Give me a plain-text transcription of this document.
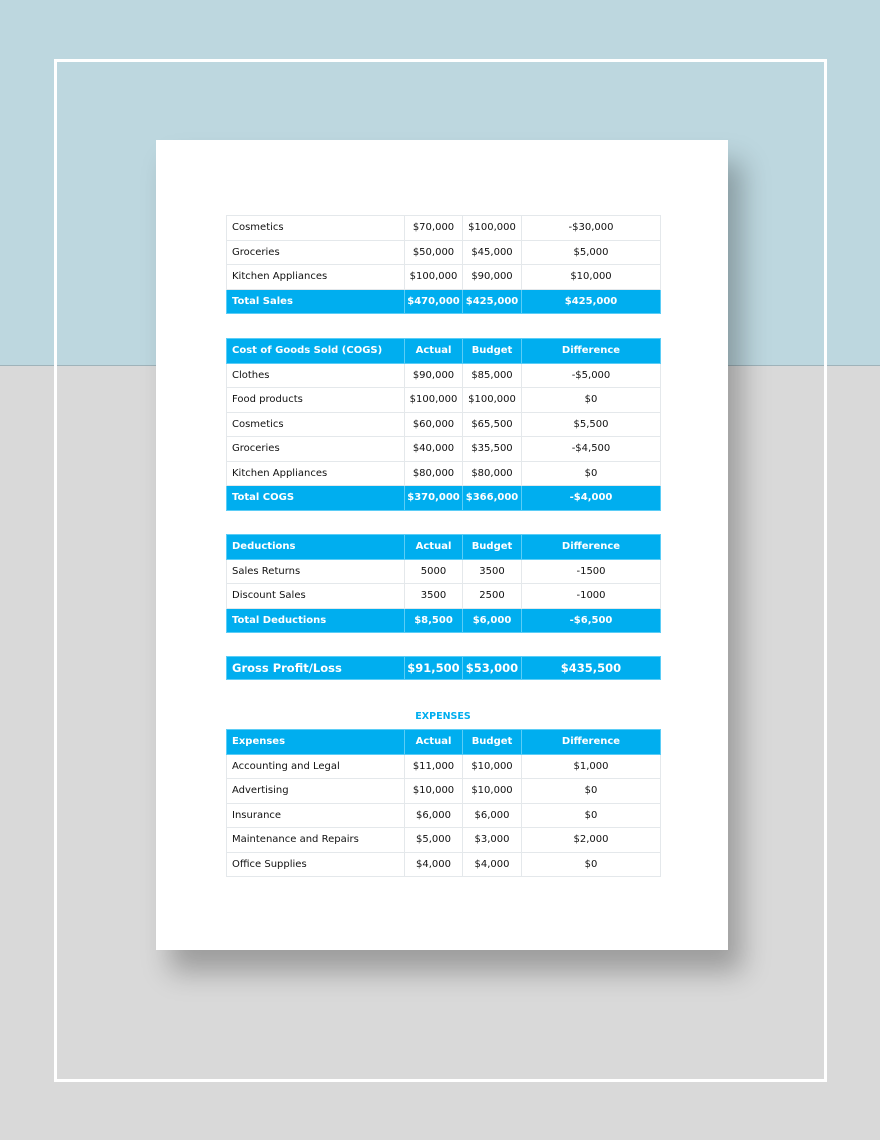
Cosmetics	$70,000	$100,000	-$30,000
Groceries	$50,000	$45,000	$5,000
Kitchen Appliances	$100,000	$90,000	$10,000
Total Sales	$470,000	$425,000	$425,000
Cost of Goods Sold (COGS)	Actual	Budget	Difference
Clothes	$90,000	$85,000	-$5,000
Food products	$100,000	$100,000	$0
Cosmetics	$60,000	$65,500	$5,500
Groceries	$40,000	$35,500	-$4,500
Kitchen Appliances	$80,000	$80,000	$0
Total COGS	$370,000	$366,000	-$4,000
Deductions	Actual	Budget	Difference
Sales Returns	5000	3500	-1500
Discount Sales	3500	2500	-1000
Total Deductions	$8,500	$6,000	-$6,500
Gross Profit/Loss	$91,500	$53,000	$435,500
EXPENSES
Expenses	Actual	Budget	Difference
Accounting and Legal	$11,000	$10,000	$1,000
Advertising	$10,000	$10,000	$0
Insurance	$6,000	$6,000	$0
Maintenance and Repairs	$5,000	$3,000	$2,000
Office Supplies	$4,000	$4,000	$0
